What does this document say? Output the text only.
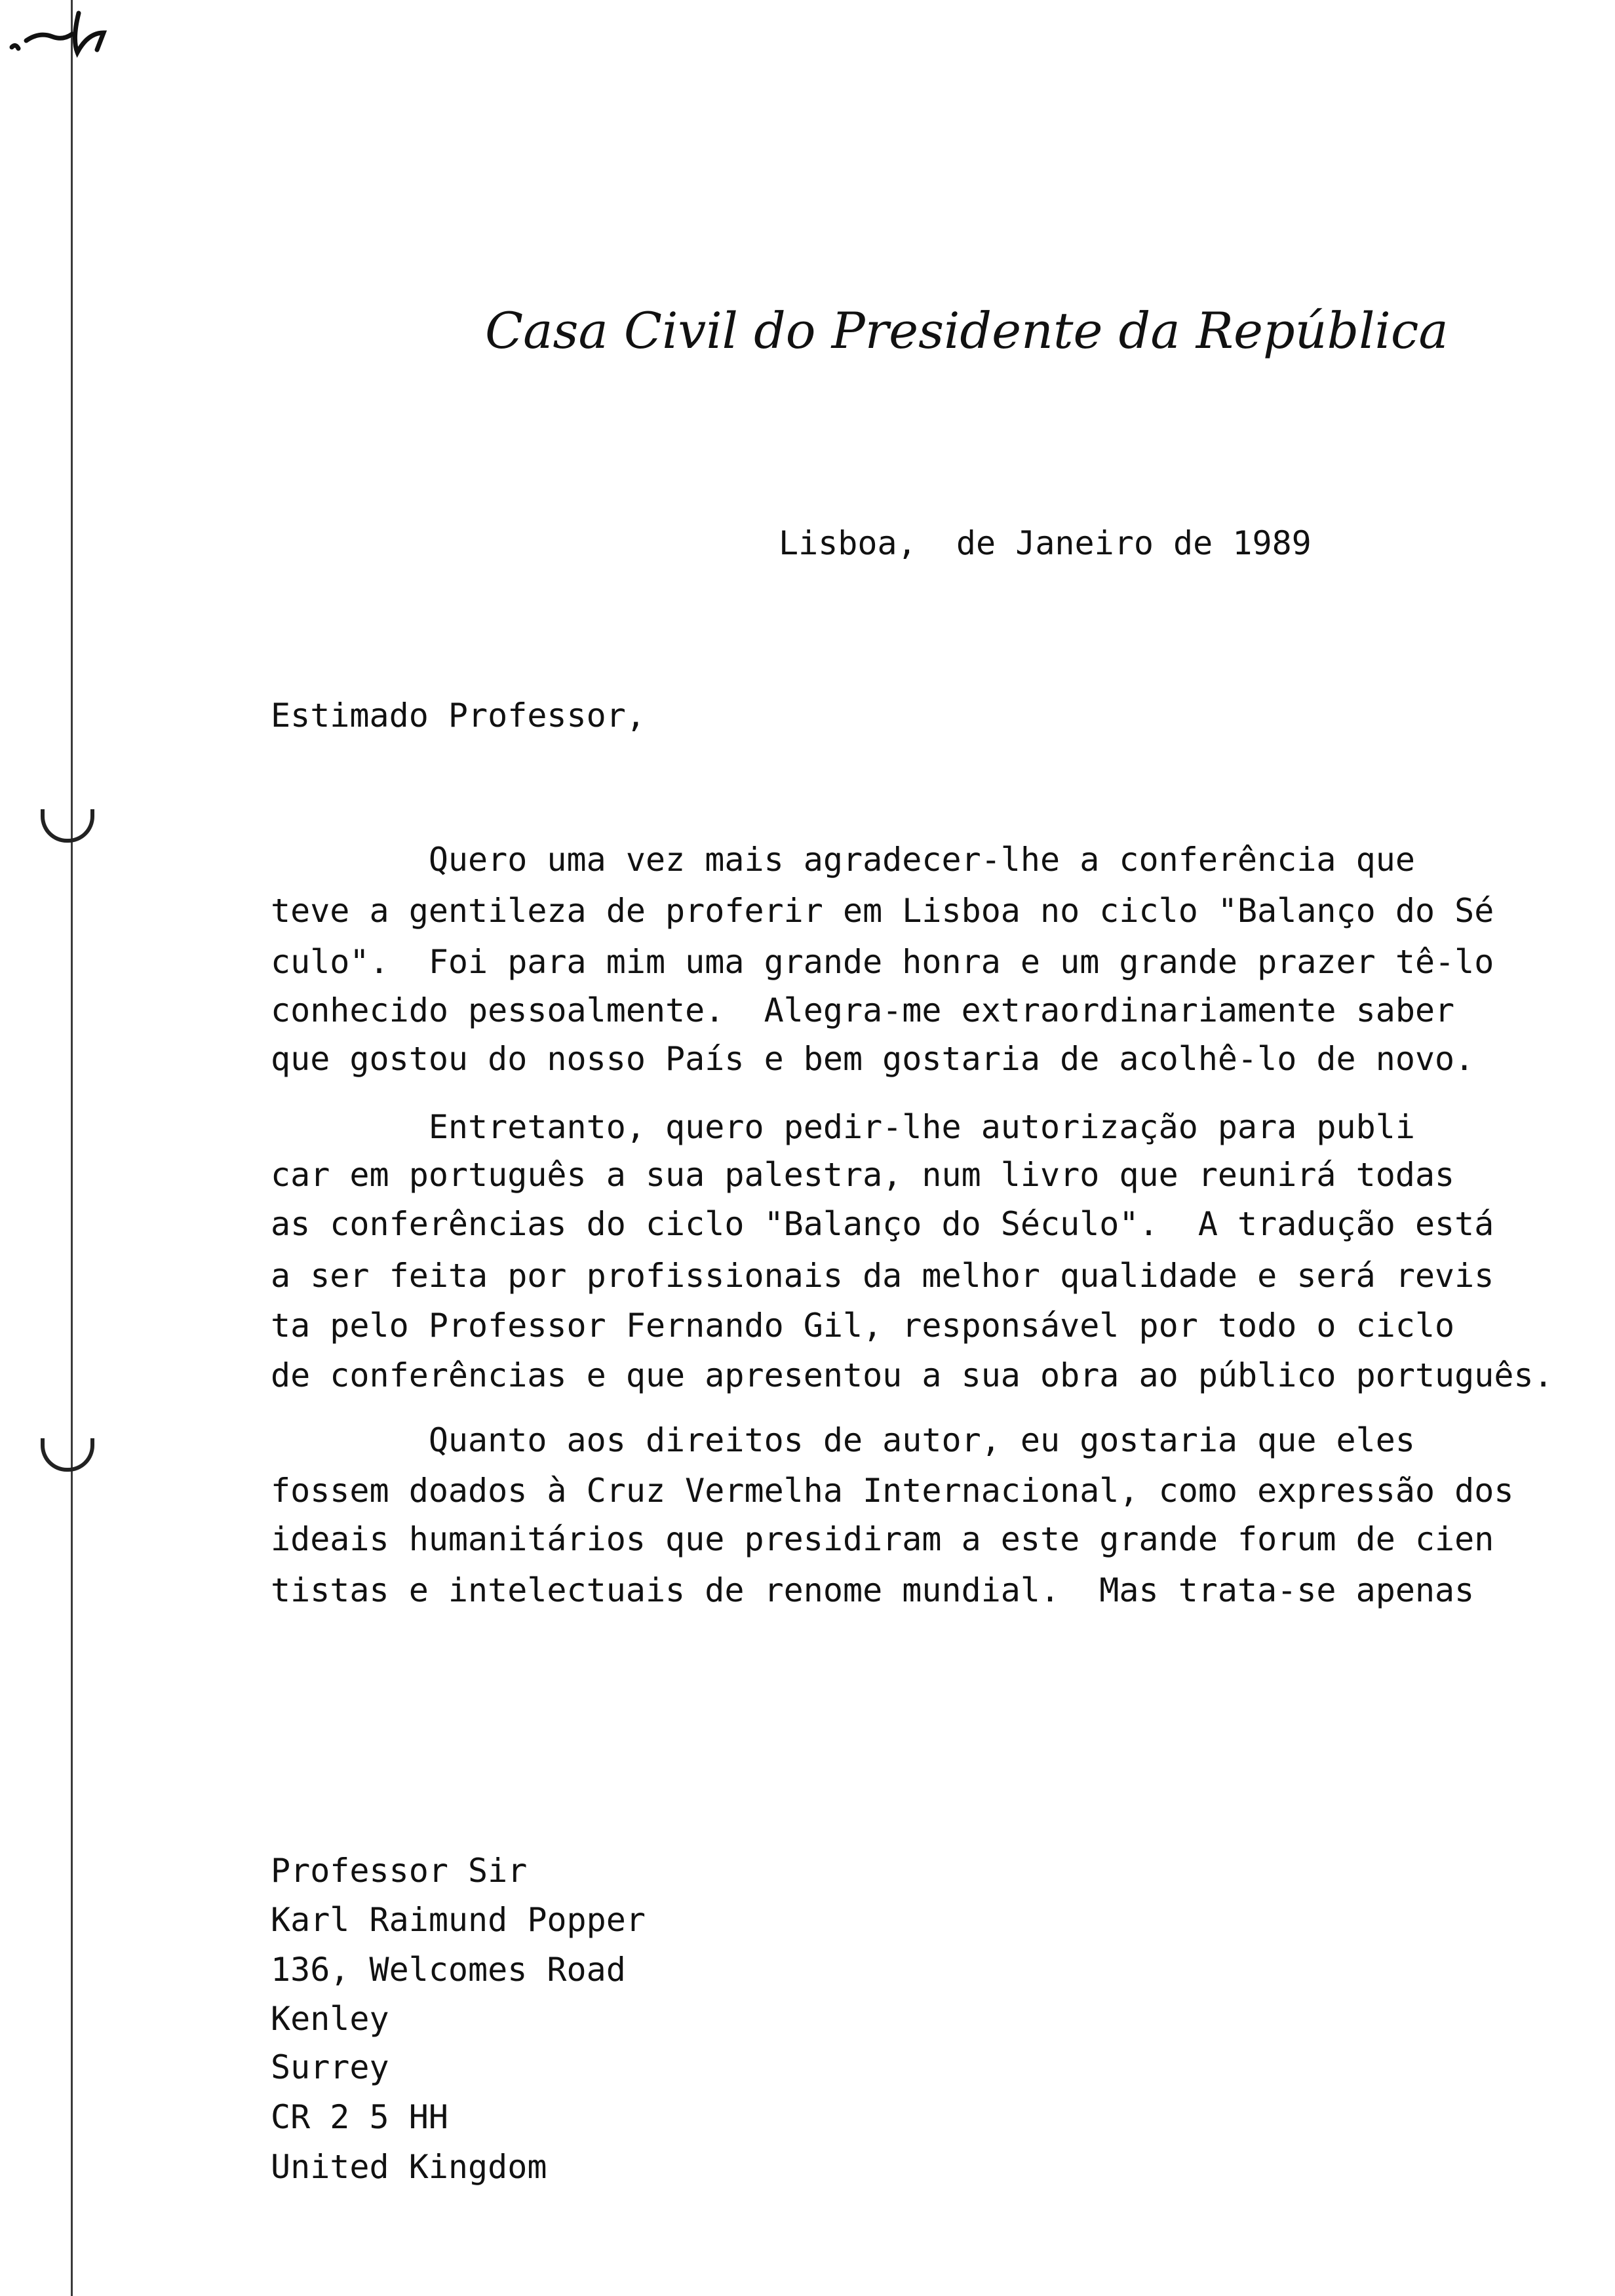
Casa Civil do Presidente da República
Lisboa,  de Janeiro de 1989
Estimado Professor,
Quero uma vez mais agradecer-lhe a conferência que
teve a gentileza de proferir em Lisboa no ciclo "Balanço do Sé
culo".  Foi para mim uma grande honra e um grande prazer tê-lo
conhecido pessoalmente.  Alegra-me extraordinariamente saber
que gostou do nosso País e bem gostaria de acolhê-lo de novo.
Entretanto, quero pedir-lhe autorização para publi
car em português a sua palestra, num livro que reunirá todas
as conferências do ciclo "Balanço do Século".  A tradução está
a ser feita por profissionais da melhor qualidade e será revis
ta pelo Professor Fernando Gil, responsável por todo o ciclo
de conferências e que apresentou a sua obra ao público português.
Quanto aos direitos de autor, eu gostaria que eles
fossem doados à Cruz Vermelha Internacional, como expressão dos
ideais humanitários que presidiram a este grande forum de cien
tistas e intelectuais de renome mundial.  Mas trata-se apenas
Professor Sir
Karl Raimund Popper
136, Welcomes Road
Kenley
Surrey
CR 2 5 HH
United Kingdom
